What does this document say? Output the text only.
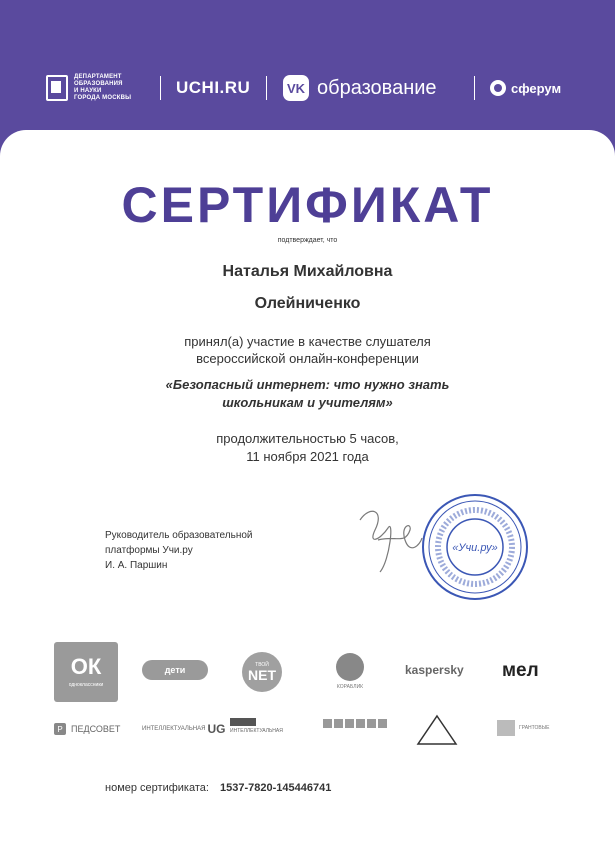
ДЕПАРТАМЕНТ
ОБРАЗОВАНИЯ
И НАУКИ
ГОРОДА МОСКВЫ
UCHI.RU	VK образование	сферум
СЕРТИФИКАТ
подтверждает, что
Наталья Михайловна
Олейниченко
принял(а) участие в качестве слушателя
всероссийской онлайн-конференции
«Безопасный интернет: что нужно знать
школьникам и учителям»
продолжительностью 5 часов,
11 ноября 2021 года
Руководитель образовательной
платформы Учи.ру
И. А. Паршин
«Учи.ру»
ОК
одноклассники
дети	ТВОЙ
NET
КОРАБЛИК
kaspersky мел
P ПЕДСОВЕТ	ИНТЕЛЛЕКТУАЛЬНАЯ UG ИНТЕЛЛЕКТУАЛЬНАЯ	ГРАНТОВЫЕ
номер сертификата: 1537-7820-145446741
